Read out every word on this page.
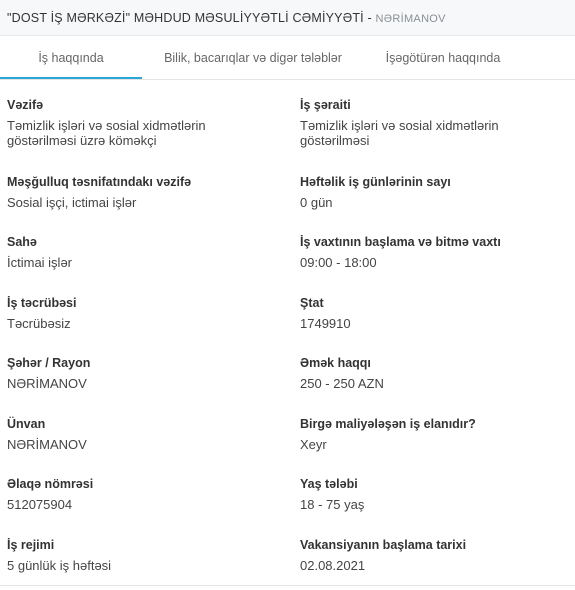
"DOST İŞ MƏRKƏZİ" MƏHDUD MƏSULİYYƏTLİ CƏMİYYƏTİ - NƏRİMANOV
İş haqqında	Bilik, bacarıqlar və digər tələblər	İşəgötürən haqqında
Vəzifə
Təmizlik işləri və sosial xidmətlərin göstərilməsi üzrə köməkçi
Məşğulluq təsnifatındakı vəzifə
Sosial işçi, ictimai işlər
Sahə
İctimai işlər
İş təcrübəsi
Təcrübəsiz
Şəhər / Rayon
NƏRİMANOV
Ünvan
NƏRİMANOV
Əlaqə nömrəsi
512075904
İş rejimi
5 günlük iş həftəsi
İş şəraiti
Təmizlik işləri və sosial xidmətlərin göstərilməsi
Həftəlik iş günlərinin sayı
0 gün
İş vaxtının başlama və bitmə vaxtı
09:00 - 18:00
Ştat
1749910
Əmək haqqı
250 - 250 AZN
Birgə maliyələşən iş elanıdır?
Xeyr
Yaş tələbi
18 - 75 yaş
Vakansiyanın başlama tarixi
02.08.2021
